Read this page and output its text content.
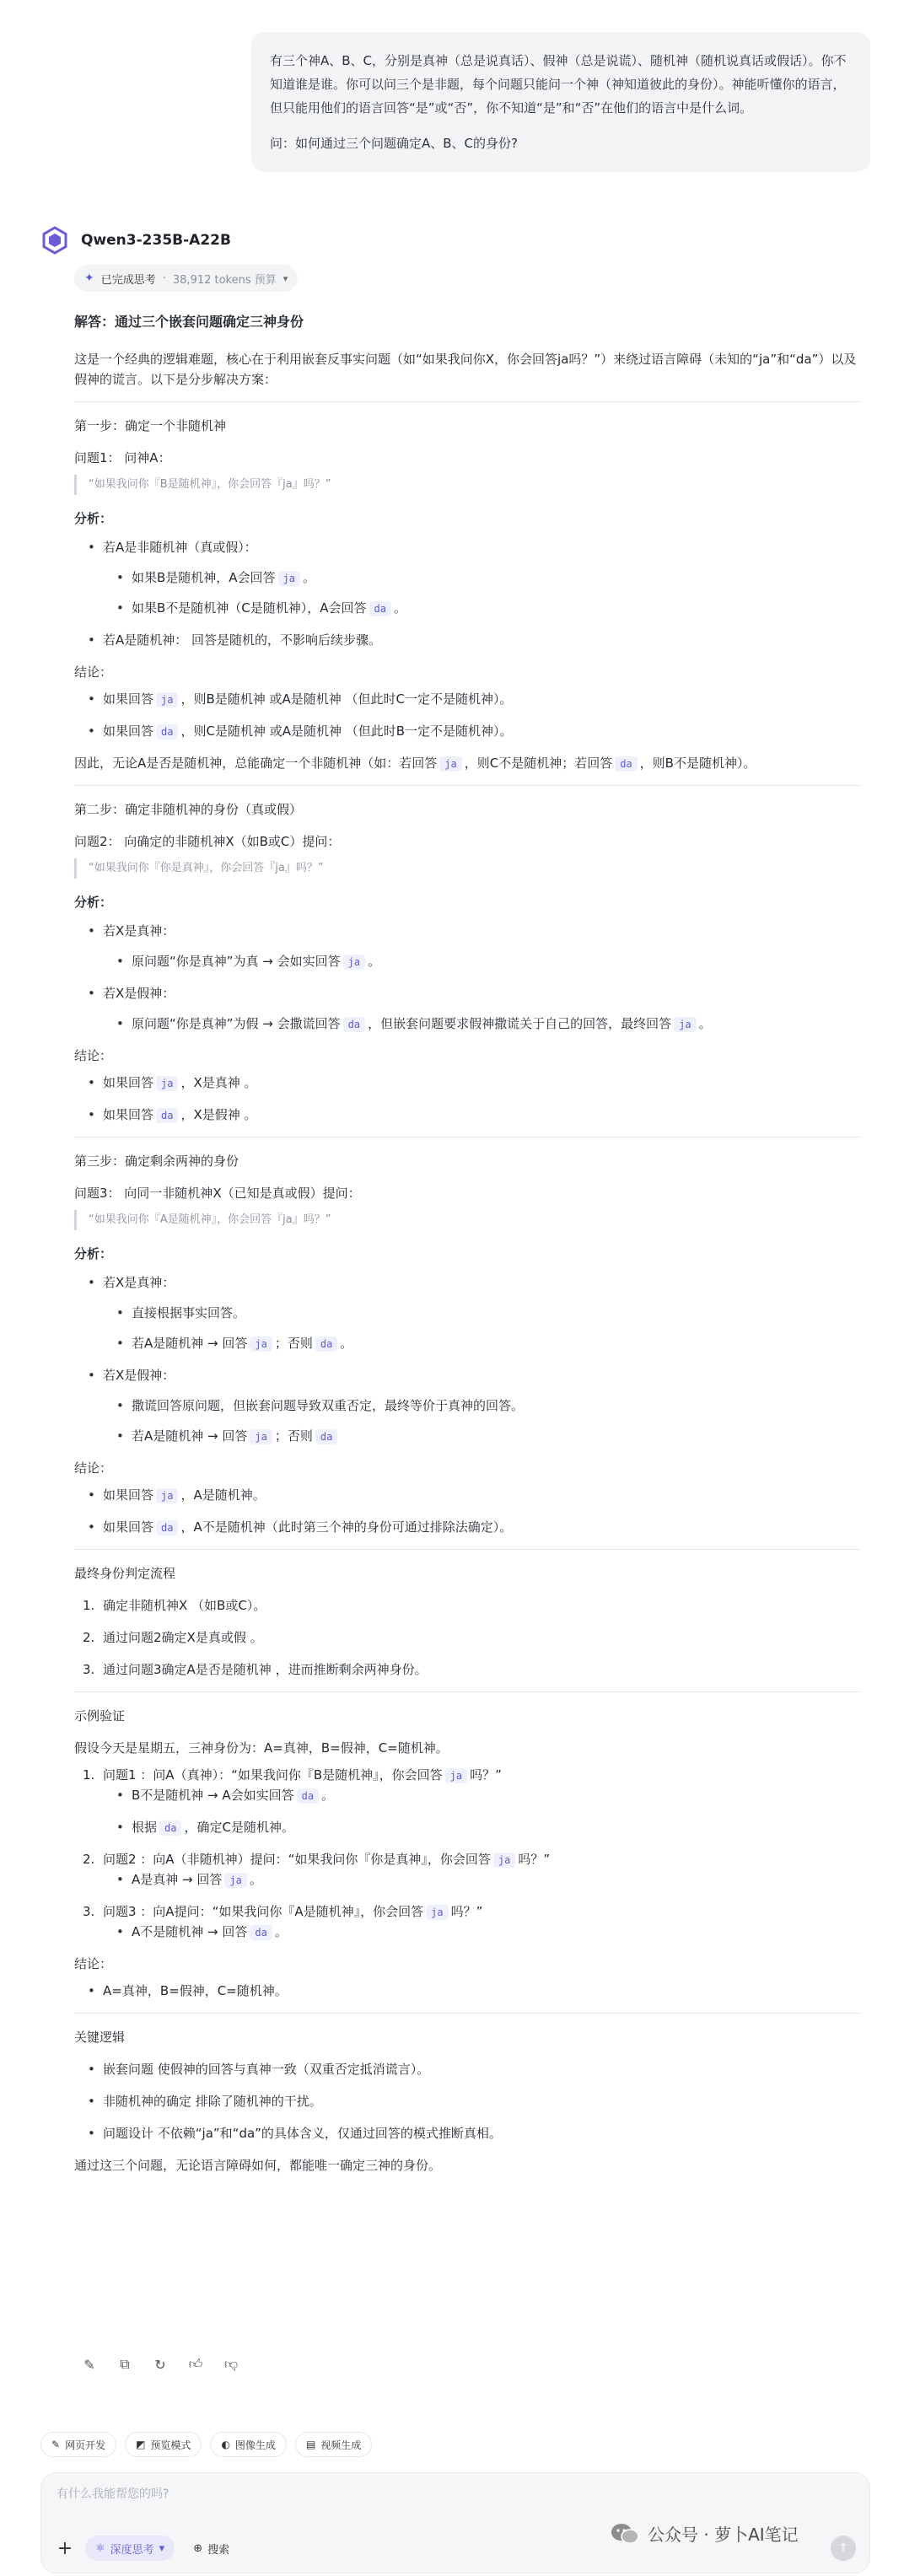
有三个神A、B、C，分别是真神（总是说真话）、假神（总是说谎）、随机神（随机说真话或假话）。你不知道谁是谁。你可以问三个是非题，每个问题只能问一个神（神知道彼此的身份）。神能听懂你的语言，但只能用他们的语言回答“是”或“否”，你不知道“是”和“否”在他们的语言中是什么词。

问：如何通过三个问题确定A、B、C的身份?

Qwen3-235B-A22B
✦ 已完成思考 · 38,912 tokens 预算 ▾
解答：通过三个嵌套问题确定三神身份

这是一个经典的逻辑难题，核心在于利用嵌套反事实问题（如“如果我问你X，你会回答ja吗？”）来绕过语言障碍（未知的“ja”和“da”）以及假神的谎言。以下是分步解决方案：

第一步：确定一个非随机神

问题1： 问神A：

“如果我问你『B是随机神』，你会回答『ja』吗？”
分析：
• 若A是非随机神（真或假）：
• 如果B是随机神，A会回答 ja 。
• 如果B不是随机神（C是随机神），A会回答 da 。
• 若A是随机神： 回答是随机的，不影响后续步骤。

结论：

• 如果回答 ja ，则B是随机神 或A是随机神 （但此时C一定不是随机神）。
• 如果回答 da ，则C是随机神 或A是随机神 （但此时B一定不是随机神）。

因此，无论A是否是随机神，总能确定一个非随机神（如：若回答 ja ，则C不是随机神；若回答 da ，则B不是随机神）。

第二步：确定非随机神的身份（真或假）

问题2： 向确定的非随机神X（如B或C）提问：

“如果我问你『你是真神』，你会回答『ja』吗？”
分析：
• 若X是真神：
• 原问题“你是真神”为真 → 会如实回答 ja 。
• 若X是假神：
• 原问题“你是真神”为假 → 会撒谎回答 da ，但嵌套问题要求假神撒谎关于自己的回答，最终回答 ja 。

结论：

• 如果回答 ja ，X是真神 。
• 如果回答 da ，X是假神 。
第三步：确定剩余两神的身份

问题3： 向同一非随机神X（已知是真或假）提问：

“如果我问你『A是随机神』，你会回答『ja』吗？”
分析：
• 若X是真神：
• 直接根据事实回答。
• 若A是随机神 → 回答 ja ；否则 da 。
• 若X是假神：
• 撒谎回答原问题，但嵌套问题导致双重否定，最终等价于真神的回答。
• 若A是随机神 → 回答 ja ；否则 da

结论：

• 如果回答 ja ，A是随机神。
• 如果回答 da ，A不是随机神（此时第三个神的身份可通过排除法确定）。
最终身份判定流程
1. 确定非随机神X （如B或C）。
2. 通过问题2确定X是真或假 。
3. 通过问题3确定A是否是随机神 ，进而推断剩余两神身份。
示例验证

假设今天是星期五，三神身份为：A=真神，B=假神，C=随机神。

1. 问题1 ：问A（真神）：“如果我问你『B是随机神』，你会回答 ja 吗？”
• B不是随机神 → A会如实回答 da 。
• 根据 da ，确定C是随机神。
2. 问题2 ：向A（非随机神）提问：“如果我问你『你是真神』，你会回答 ja 吗？”
• A是真神 → 回答 ja 。
3. 问题3 ：向A提问：“如果我问你『A是随机神』，你会回答 ja 吗？”
• A不是随机神 → 回答 da 。

结论：

• A=真神，B=假神，C=随机神。
关键逻辑
• 嵌套问题 使假神的回答与真神一致（双重否定抵消谎言）。
• 非随机神的确定 排除了随机神的干扰。
• 问题设计 不依赖“ja”和“da”的具体含义，仅通过回答的模式推断真相。

通过这三个问题，无论语言障碍如何，都能唯一确定三神的身份。

✎	⧉	↻	👍︎ 👎︎
✎ 网页开发	◩ 预览模式	◐ 图像生成	▤ 视频生成
有什么我能帮您的吗?
+ ⚛ 深度思考 ▾	⊕ 搜索	↑
公众号 · 萝卜AI笔记
